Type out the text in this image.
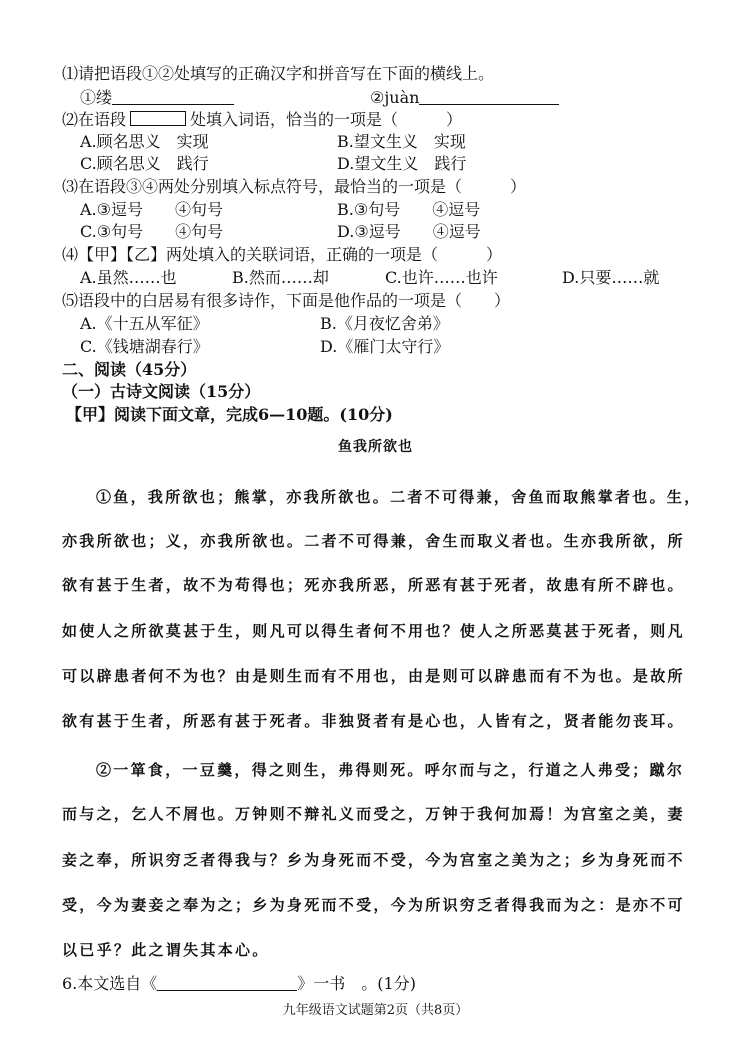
⑴请把语段①②处填写的正确汉字和拼音写在下面的横线上。
①缕	②juàn
⑵在语段	处填入词语，恰当的一项是（　　　）
A.顾名思义　实现	B.望文生义　实现
C.顾名思义　践行	D.望文生义　践行
⑶在语段③④两处分别填入标点符号，最恰当的一项是（　　　）
A.③逗号　　④句号	B.③句号　　④逗号
C.③句号　　④句号	D.③逗号　　④逗号
⑷【甲】【乙】两处填入的关联词语，正确的一项是（　　　）
A.虽然……也	B.然而……却	C.也许……也许	D.只要……就
⑸语段中的白居易有很多诗作，下面是他作品的一项是（　　）
A.《十五从军征》	B.《月夜忆舍弟》
C.《钱塘湖春行》	D.《雁门太守行》
二、阅读（45分）
（一）古诗文阅读（15分）
【甲】阅读下面文章，完成6—10题。(10分)
鱼我所欲也
①鱼，我所欲也；熊掌，亦我所欲也。二者不可得兼，舍鱼而取熊掌者也。生，
亦我所欲也；义，亦我所欲也。二者不可得兼，舍生而取义者也。生亦我所欲，所
欲有甚于生者，故不为苟得也；死亦我所恶，所恶有甚于死者，故患有所不辟也。
如使人之所欲莫甚于生，则凡可以得生者何不用也？使人之所恶莫甚于死者，则凡
可以辟患者何不为也？由是则生而有不用也，由是则可以辟患而有不为也。是故所
欲有甚于生者，所恶有甚于死者。非独贤者有是心也，人皆有之，贤者能勿丧耳。
②一箪食，一豆羹，得之则生，弗得则死。呼尔而与之，行道之人弗受；蹴尔
而与之，乞人不屑也。万钟则不辩礼义而受之，万钟于我何加焉！为宫室之美，妻
妾之奉，所识穷乏者得我与？乡为身死而不受，今为宫室之美为之；乡为身死而不
受，今为妻妾之奉为之；乡为身死而不受，今为所识穷乏者得我而为之：是亦不可
以已乎？此之谓失其本心。
6.本文选自《	》一书　。(1分)
九年级语文试题第2页（共8页）
